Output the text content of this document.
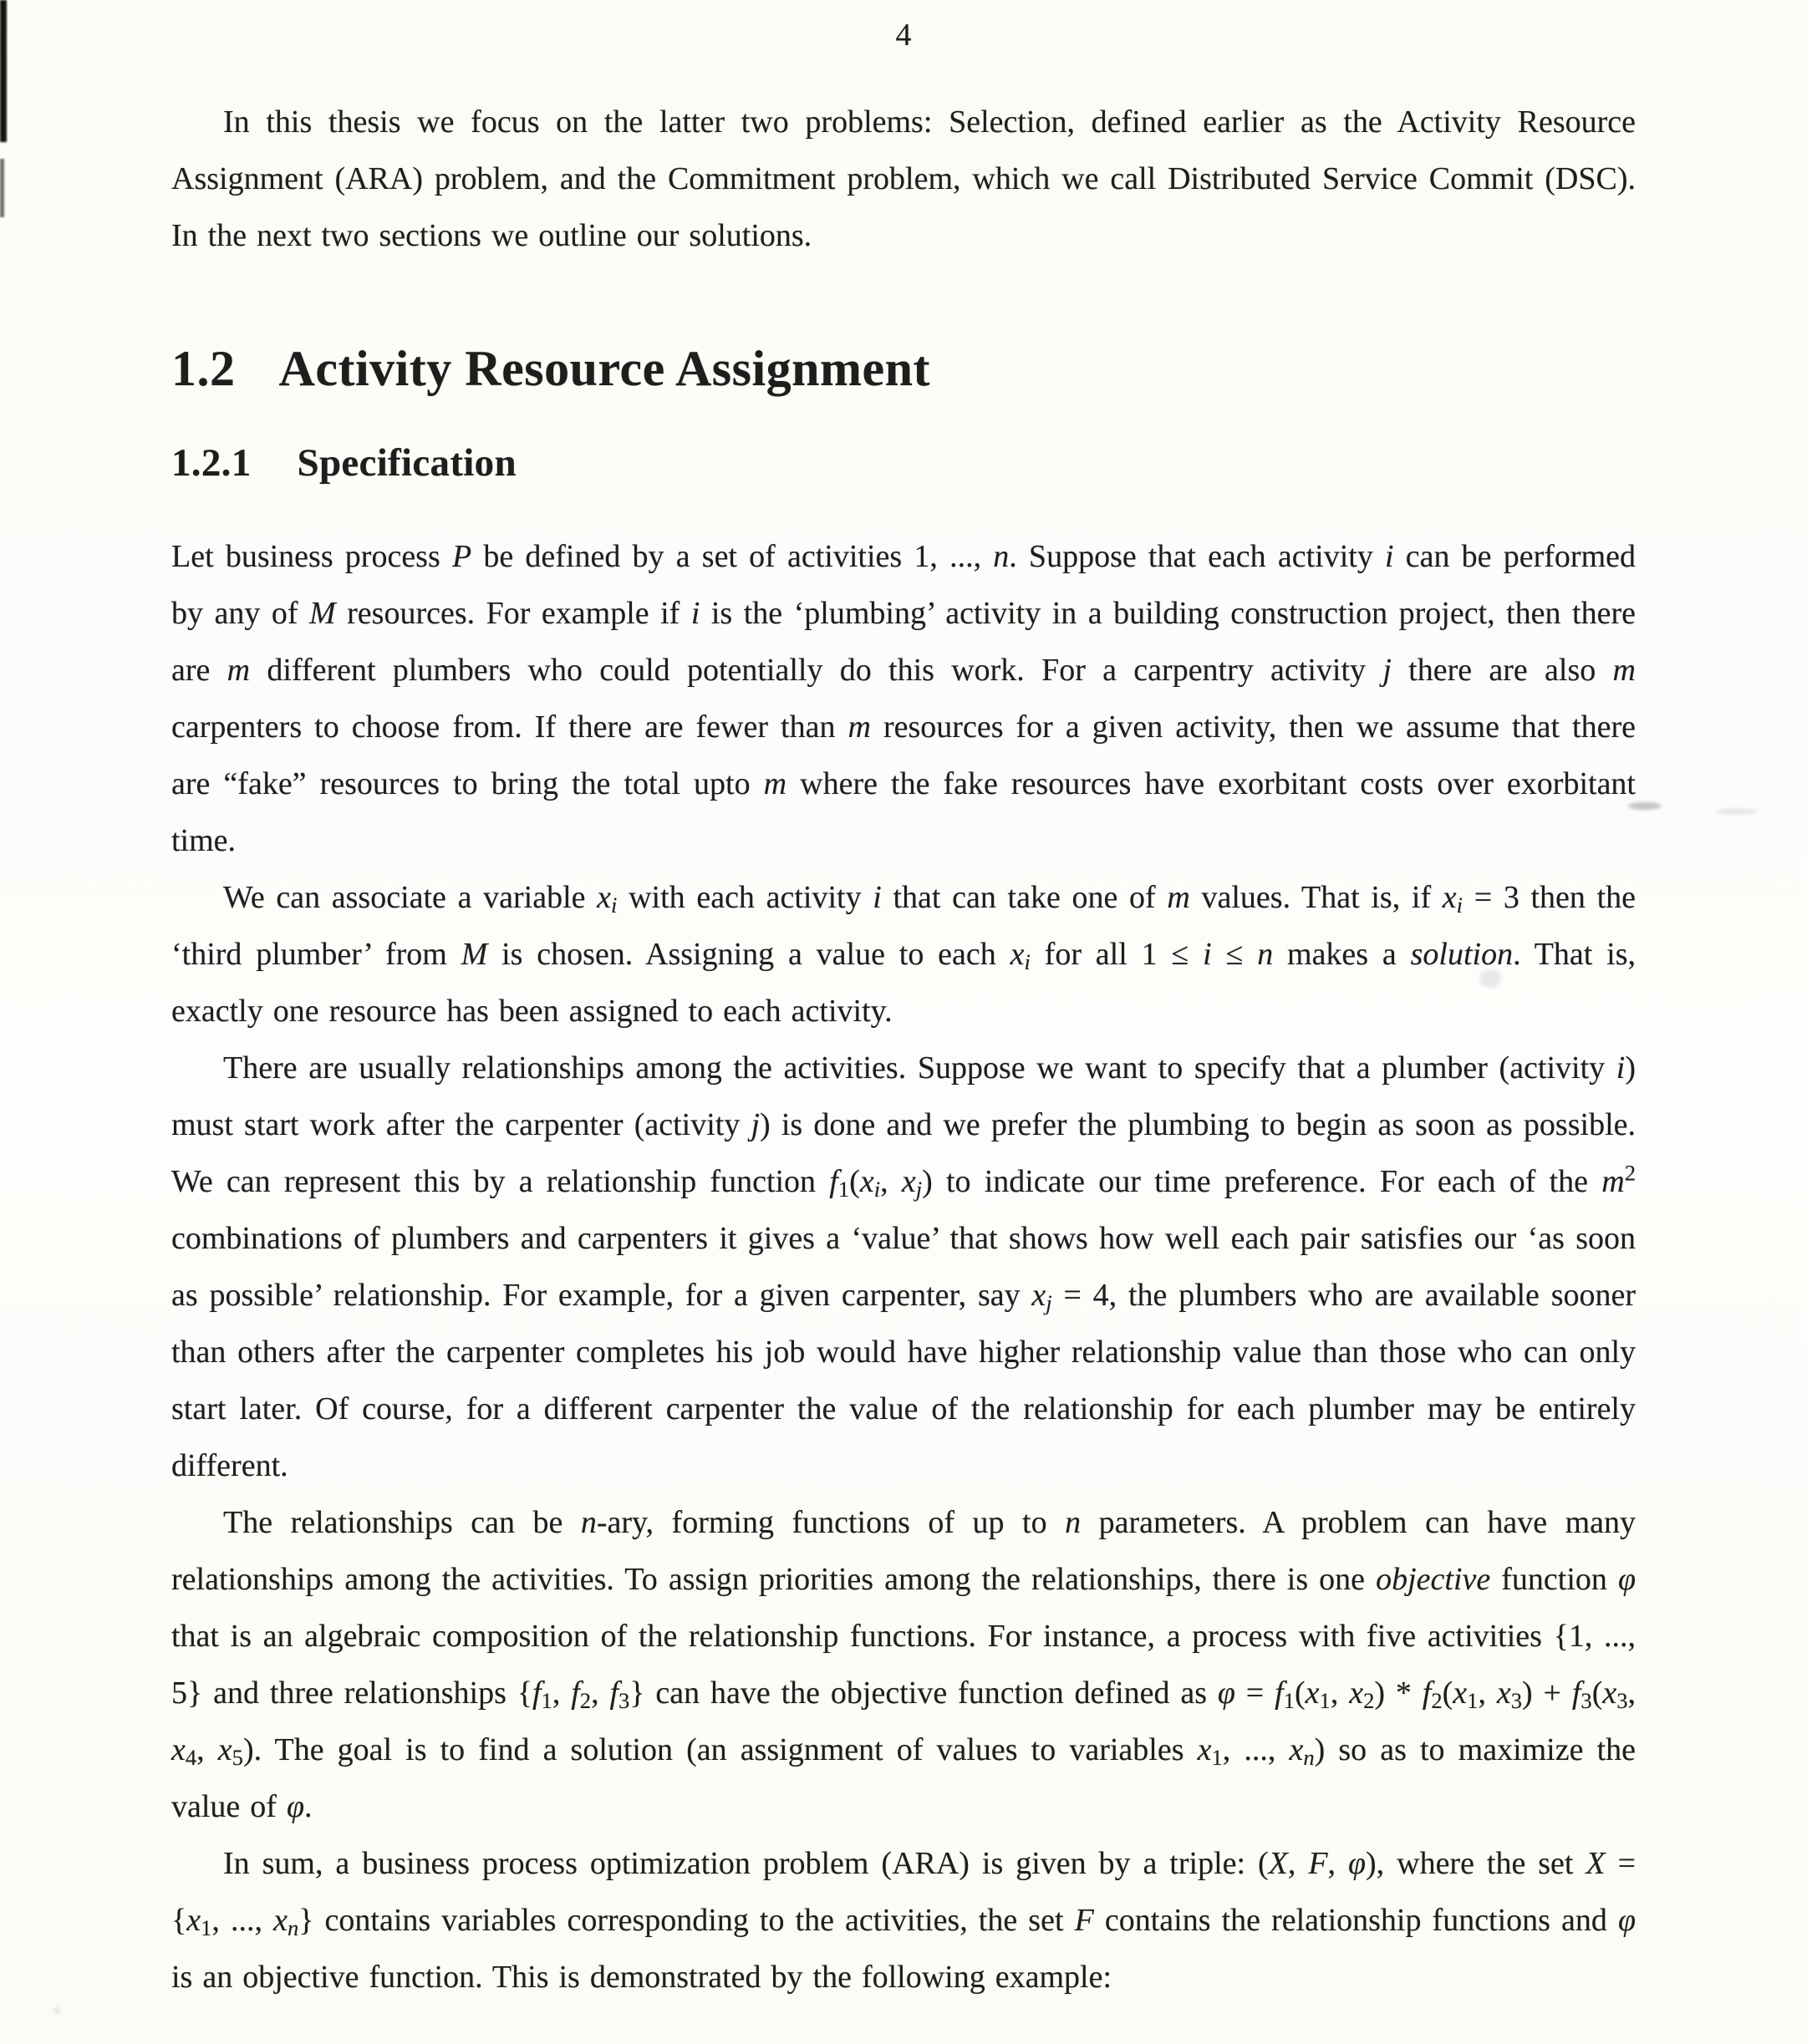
4

In this thesis we focus on the latter two problems: Selection, defined earlier as the Activity Resource Assignment (ARA) problem, and the Commitment problem, which we call Distributed Service Commit (DSC). In the next two sections we outline our solutions.

1.2 Activity Resource Assignment
1.2.1 Specification

Let business process P be defined by a set of activities 1, ..., n. Suppose that each activity i can be performed by any of M resources. For example if i is the ‘plumbing’ activity in a building construction project, then there are m different plumbers who could potentially do this work. For a carpentry activity j there are also m carpenters to choose from. If there are fewer than m resources for a given activity, then we assume that there are “fake” resources to bring the total upto m where the fake resources have exorbitant costs over exorbitant time.

We can associate a variable $x_i$ with each activity i that can take one of m values. That is, if $x_i = 3$ then the ‘third plumber’ from M is chosen. Assigning a value to each $x_i$ for all 1 ≤ i ≤ n makes a solution. That is, exactly one resource has been assigned to each activity.

There are usually relationships among the activities. Suppose we want to specify that a plumber (activity i) must start work after the carpenter (activity j) is done and we prefer the plumbing to begin as soon as possible. We can represent this by a relationship function $f_1(x_i$, $x_j$) to indicate our time preference. For each of the $m^2$ combinations of plumbers and carpenters it gives a ‘value’ that shows how well each pair satisfies our ‘as soon as possible’ relationship. For example, for a given carpenter, say $x_j = 4$, the plumbers who are available sooner than others after the carpenter completes his job would have higher relationship value than those who can only start later. Of course, for a different carpenter the value of the relationship for each plumber may be entirely different.

The relationships can be n-ary, forming functions of up to n parameters. A problem can have many relationships among the activities. To assign priorities among the relationships, there is one objective function φ that is an algebraic composition of the relationship functions. For instance, a process with five activities {1, ..., 5} and three relationships {$f_1$, $f_2$, $f_3$} can have the objective function defined as $\varphi = f_1(x_1$, $x_2) * f_2(x_1$, $x_3) + f_3(x_3$, $x_4$, $x_5$). The goal is to find a solution (an assignment of values to variables $x_1$, ..., $x_n$) so as to maximize the value of φ.

In sum, a business process optimization problem (ARA) is given by a triple: (X, F, φ), where the set $X = \{x_1$, ..., $x_n$} contains variables corresponding to the activities, the set F contains the relationship functions and φ is an objective function. This is demonstrated by the following example:
